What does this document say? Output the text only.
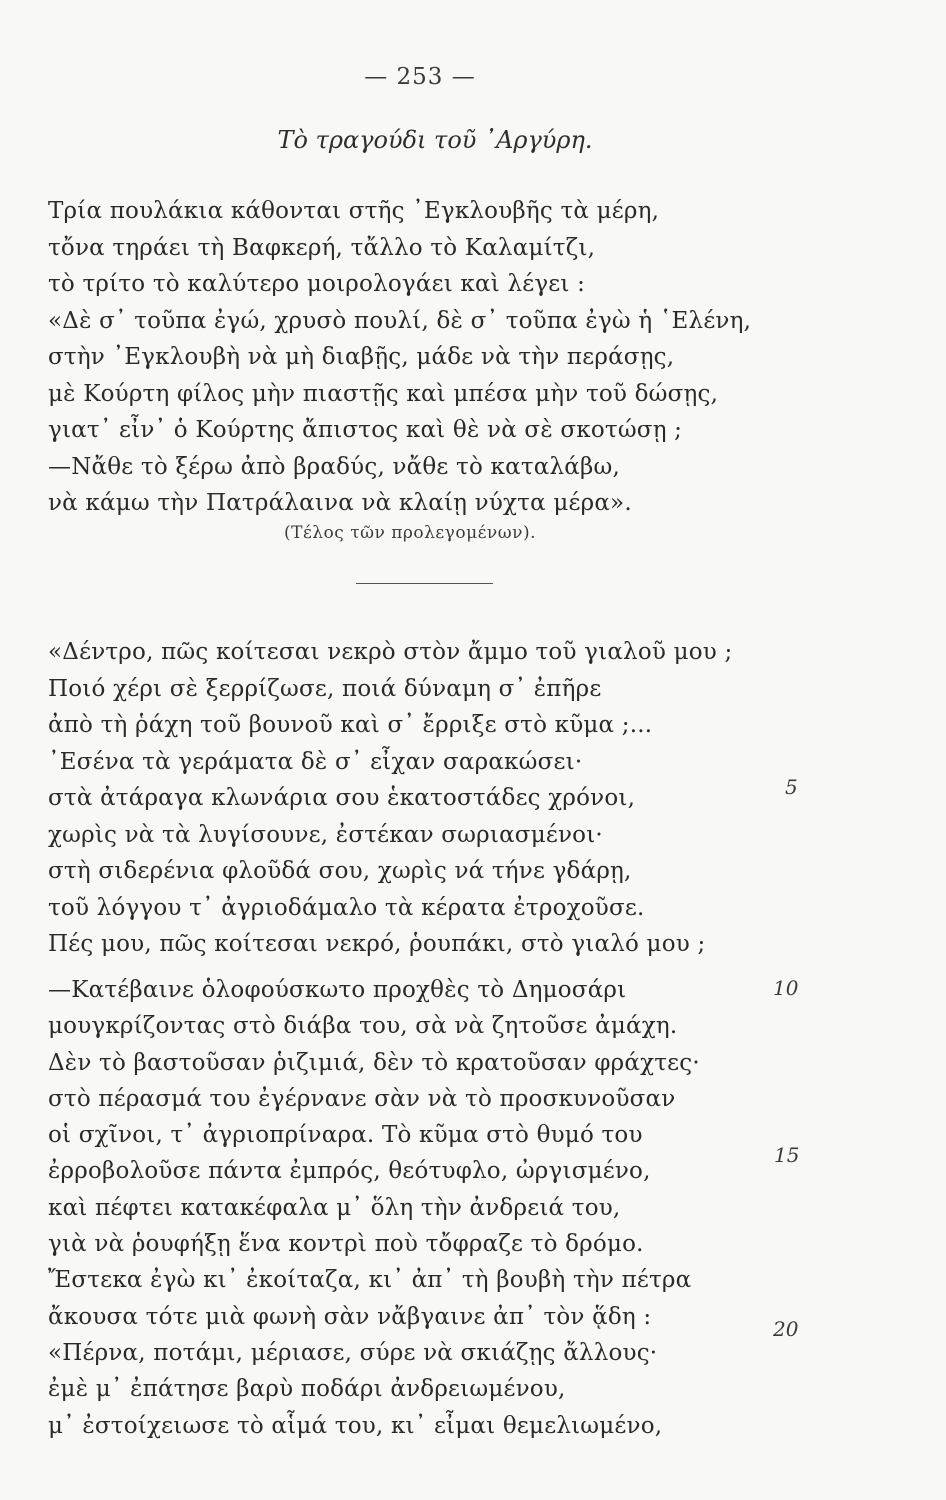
— 253 —
Τὸ τραγούδι τοῦ ᾿Αργύρη.
Τρία πουλάκια κάθονται στῆς ᾿Εγκλουβῆς τὰ μέρη,
τὄνα τηράει τὴ Βαφκερή, τἄλλο τὸ Καλαμίτζι,
τὸ τρίτο τὸ καλύτερο μοιρολογάει καὶ λέγει :
«Δὲ σ᾿ τοῦπα ἐγώ, χρυσὸ πουλί, δὲ σ᾿ τοῦπα ἐγὼ ἡ ῾Ελένη,
στὴν ᾿Εγκλουβὴ νὰ μὴ διαβῇς, μάδε νὰ τὴν περάσῃς,
μὲ Κούρτη φίλος μὴν πιαστῇς καὶ μπέσα μὴν τοῦ δώσῃς,
γιατ᾿ εἶν᾿ ὁ Κούρτης ἄπιστος καὶ θὲ νὰ σὲ σκοτώσῃ ;
—Νἄθε τὸ ξέρω ἀπὸ βραδύς, νἄθε τὸ καταλάβω,
νὰ κάμω τὴν Πατράλαινα νὰ κλαίῃ νύχτα μέρα».
(Τέλος τῶν προλεγομένων).
«Δέντρο, πῶς κοίτεσαι νεκρὸ στὸν ἄμμο τοῦ γιαλοῦ μου ;
Ποιό χέρι σὲ ξερρίζωσε, ποιά δύναμη σ᾿ ἐπῆρε
ἀπὸ τὴ ῥάχη τοῦ βουνοῦ καὶ σ᾿ ἔρριξε στὸ κῦμα ;...
᾿Εσένα τὰ γεράματα δὲ σ᾿ εἶχαν σαρακώσει·
στὰ ἀτάραγα κλωνάρια σου ἑκατοστάδες χρόνοι,
χωρὶς νὰ τὰ λυγίσουνε, ἐστέκαν σωριασμένοι·
στὴ σιδερένια φλοῦδά σου, χωρὶς νά τήνε γδάρῃ,
τοῦ λόγγου τ᾿ ἀγριοδάμαλο τὰ κέρατα ἐτροχοῦσε.
Πές μου, πῶς κοίτεσαι νεκρό, ῥουπάκι, στὸ γιαλό μου ;
—Κατέβαινε ὁλοφούσκωτο προχθὲς τὸ Δημοσάρι
μουγκρίζοντας στὸ διάβα του, σὰ νὰ ζητοῦσε ἀμάχη.
Δὲν τὸ βαστοῦσαν ῥιζιμιά, δὲν τὸ κρατοῦσαν φράχτες·
στὸ πέρασμά του ἐγέρνανε σὰν νὰ τὸ προσκυνοῦσαν
οἱ σχῖνοι, τ᾿ ἀγριοπρίναρα. Τὸ κῦμα στὸ θυμό του
ἐρροβολοῦσε πάντα ἐμπρός, θεότυφλο, ὠργισμένο,
καὶ πέφτει κατακέφαλα μ᾿ ὅλη τὴν ἀνδρειά του,
γιὰ νὰ ῥουφήξῃ ἕνα κοντρὶ ποὺ τὄφραζε τὸ δρόμο.
Ἔστεκα ἐγὼ κι᾿ ἐκοίταζα, κι᾿ ἀπ᾿ τὴ βουβὴ τὴν πέτρα
ἄκουσα τότε μιὰ φωνὴ σὰν νἄβγαινε ἀπ᾿ τὸν ᾅδη :
«Πέρνα, ποτάμι, μέριασε, σύρε νὰ σκιάζῃς ἄλλους·
ἐμὲ μ᾿ ἐπάτησε βαρὺ ποδάρι ἀνδρειωμένου,
μ᾿ ἐστοίχειωσε τὸ αἷμά του, κι᾿ εἶμαι θεμελιωμένο,
5
10
15
20
